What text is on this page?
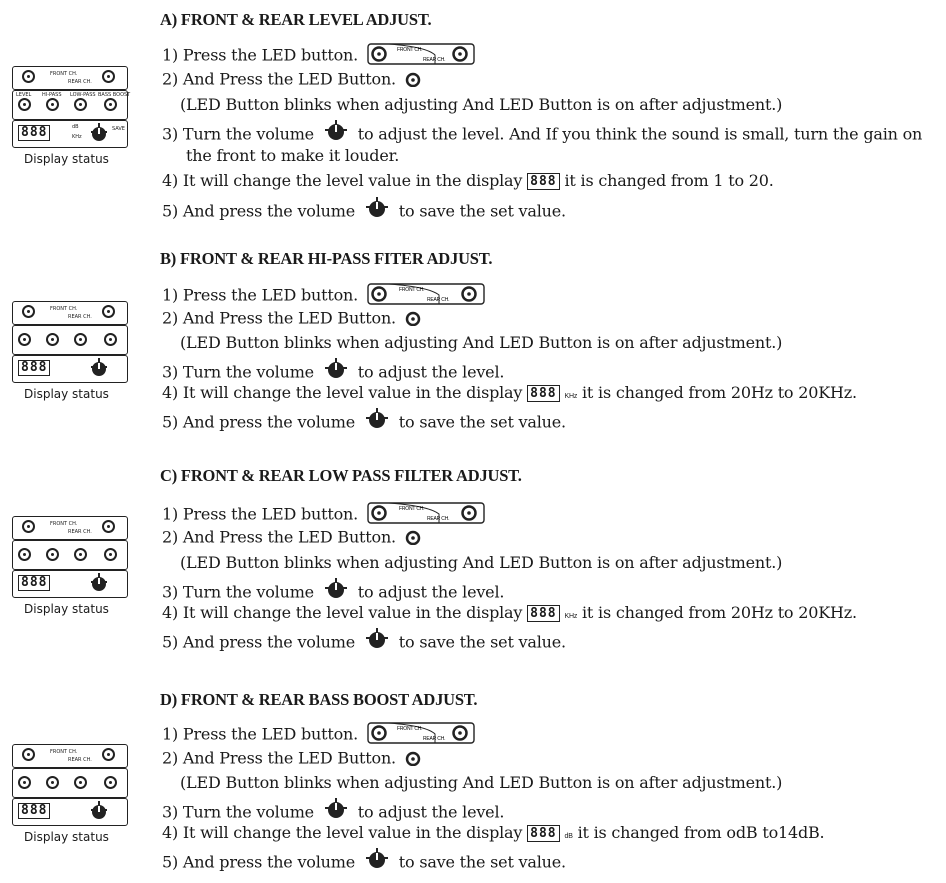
A) FRONT & REAR LEVEL ADJUST.
FRONT CH.
REAR CH.
LEVEL HI-PASS LOW-PASS BASS BOOST
888	dB
KHz
SAVE
Display status
1) Press the LED button.	FRONT CH.
REAR CH.
2) And Press the LED Button.
(LED Button blinks when adjusting And LED Button is on after adjustment.)
3) Turn the volume	to adjust the level. And If you think the sound is small, turn the gain on
the front to make it louder.
4) It will change the level value in the display 888 it is changed from 1 to 20.
5) And press the volume	to save the set value.
B) FRONT & REAR HI-PASS FITER ADJUST.
FRONT CH.
REAR CH.
888
Display status
1) Press the LED button.	FRONT CH.
REAR CH.
2) And Press the LED Button.
(LED Button blinks when adjusting And LED Button is on after adjustment.)
3) Turn the volume	to adjust the level.
4) It will change the level value in the display 888 KHz it is changed from 20Hz to 20KHz.
5) And press the volume	to save the set value.
C) FRONT & REAR LOW PASS FILTER ADJUST.
FRONT CH.
REAR CH.
888
Display status
1) Press the LED button.	FRONT CH.
REAR CH.
2) And Press the LED Button.
(LED Button blinks when adjusting And LED Button is on after adjustment.)
3) Turn the volume	to adjust the level.
4) It will change the level value in the display 888 KHz it is changed from 20Hz to 20KHz.
5) And press the volume	to save the set value.
D) FRONT & REAR BASS BOOST ADJUST.
FRONT CH.
REAR CH.
888
Display status
1) Press the LED button.	FRONT CH.
REAR CH.
2) And Press the LED Button.
(LED Button blinks when adjusting And LED Button is on after adjustment.)
3) Turn the volume	to adjust the level.
4) It will change the level value in the display 888 dB it is changed from odB to14dB.
5) And press the volume	to save the set value.
